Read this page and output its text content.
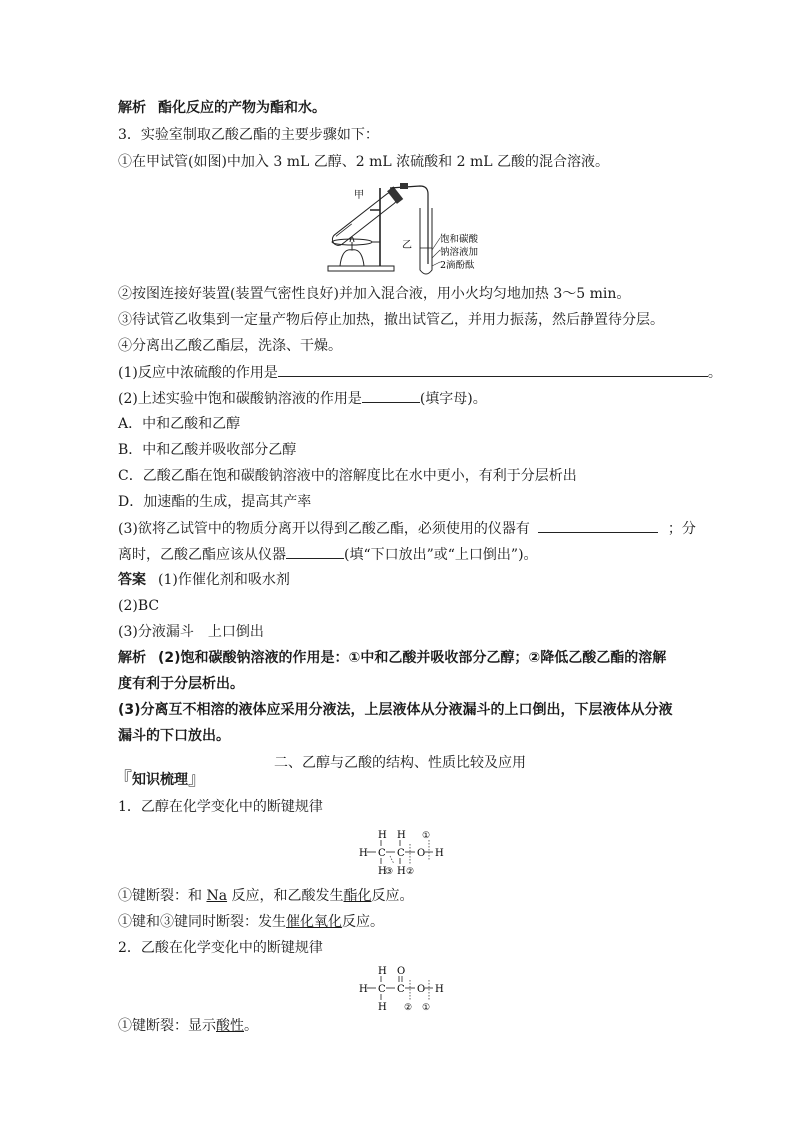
解析 酯化反应的产物为酯和水。
3．实验室制取乙酸乙酯的主要步骤如下：
①在甲试管(如图)中加入 3 mL 乙醇、2 mL 浓硫酸和 2 mL 乙酸的混合溶液。
甲
乙
饱和碳酸
钠溶液加
2滴酚酞
②按图连接好装置(装置气密性良好)并加入混合液，用小火均匀地加热 3～5 min。
③待试管乙收集到一定量产物后停止加热，撤出试管乙，并用力振荡，然后静置待分层。
④分离出乙酸乙酯层，洗涤、干燥。
(1)反应中浓硫酸的作用是	。
(2)上述实验中饱和碳酸钠溶液的作用是	(填字母)。
A．中和乙酸和乙醇
B．中和乙酸并吸收部分乙醇
C．乙酸乙酯在饱和碳酸钠溶液中的溶解度比在水中更小，有利于分层析出
D．加速酯的生成，提高其产率
(3)欲将乙试管中的物质分离开以得到乙酸乙酯，必须使用的仪器有	；分
离时，乙酸乙酯应该从仪器	(填“下口放出”或“上口倒出”)。
答案 (1)作催化剂和吸水剂
(2)BC
(3)分液漏斗　上口倒出
解析 (2)饱和碳酸钠溶液的作用是：①中和乙酸并吸收部分乙醇；②降低乙酸乙酯的溶解
度有利于分层析出。
(3)分离互不相溶的液体应采用分液法，上层液体从分液漏斗的上口倒出，下层液体从分液
漏斗的下口放出。
二、乙醇与乙酸的结构、性质比较及应用
『知识梳理』
1．乙醇在化学变化中的断键规律
H H ①
H C C O H
H
③ H ②
①键断裂：和 Na 反应，和乙酸发生酯化反应。
①键和③键同时断裂：发生催化氧化反应。
2．乙酸在化学变化中的断键规律
H O
H C C O H
H ② ①
①键断裂：显示酸性。
